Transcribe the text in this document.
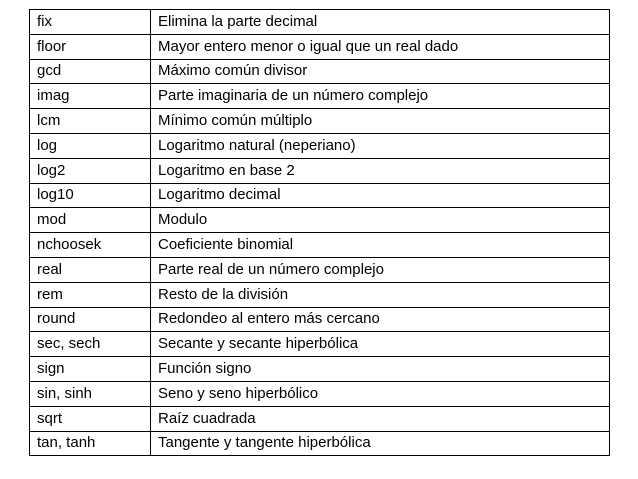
fix	Elimina la parte decimal
floor	Mayor entero menor o igual que un real dado
gcd	Máximo común divisor
imag	Parte imaginaria de un número complejo
lcm	Mínimo común múltiplo
log	Logaritmo natural (neperiano)
log2	Logaritmo en base 2
log10	Logaritmo decimal
mod	Modulo
nchoosek	Coeficiente binomial
real	Parte real de un número complejo
rem	Resto de la división
round	Redondeo al entero más cercano
sec, sech	Secante y secante hiperbólica
sign	Función signo
sin, sinh	Seno y seno hiperbólico
sqrt	Raíz cuadrada
tan, tanh	Tangente y tangente hiperbólica
